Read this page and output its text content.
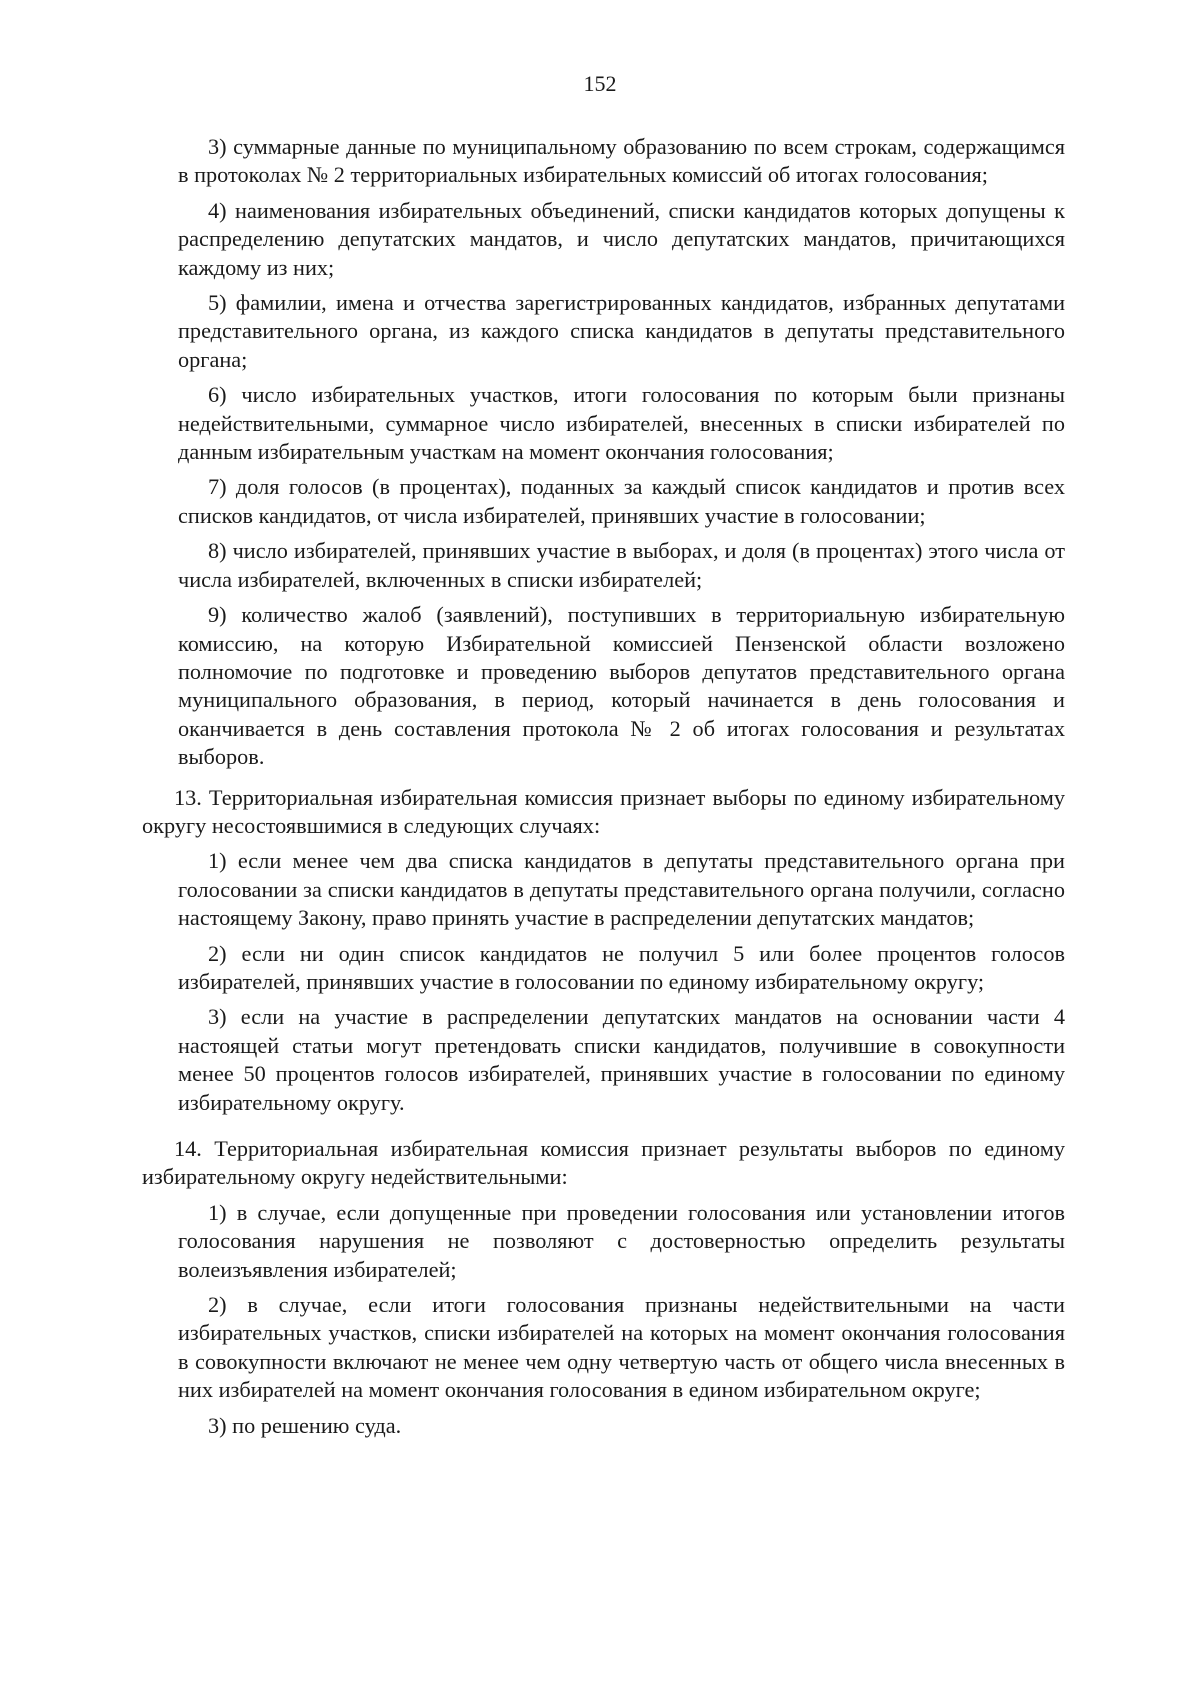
152

3) суммарные данные по муниципальному образованию по всем строкам, содержащимся в протоколах № 2 территориальных избирательных комиссий об итогах голосования;

4) наименования избирательных объединений, списки кандидатов которых допущены к распределению депутатских мандатов, и число депутатских мандатов, причитающихся каждому из них;

5) фамилии, имена и отчества зарегистрированных кандидатов, избранных депутатами представительного органа, из каждого списка кандидатов в депутаты представительного органа;

6) число избирательных участков, итоги голосования по которым были признаны недействительными, суммарное число избирателей, внесенных в списки избирателей по данным избирательным участкам на момент окончания голосования;

7) доля голосов (в процентах), поданных за каждый список кандидатов и против всех списков кандидатов, от числа избирателей, принявших участие в голосовании;

8) число избирателей, принявших участие в выборах, и доля (в процентах) этого числа от числа избирателей, включенных в списки избирателей;

9) количество жалоб (заявлений), поступивших в территориальную избирательную комиссию, на которую Избирательной комиссией Пензенской области возложено полномочие по подготовке и проведению выборов депутатов представительного органа муниципального образования, в период, который начинается в день голосования и оканчивается в день составления протокола № 2 об итогах голосования и результатах выборов.

13. Территориальная избирательная комиссия признает выборы по единому избирательному округу несостоявшимися в следующих случаях:

1) если менее чем два списка кандидатов в депутаты представительного органа при голосовании за списки кандидатов в депутаты представительного органа получили, согласно настоящему Закону, право принять участие в распределении депутатских мандатов;

2) если ни один список кандидатов не получил 5 или более процентов голосов избирателей, принявших участие в голосовании по единому избирательному округу;

3) если на участие в распределении депутатских мандатов на основании части 4 настоящей статьи могут претендовать списки кандидатов, получившие в совокупности менее 50 процентов голосов избирателей, принявших участие в голосовании по единому избирательному округу.

14. Территориальная избирательная комиссия признает результаты выборов по единому избирательному округу недействительными:

1) в случае, если допущенные при проведении голосования или установлении итогов голосования нарушения не позволяют с достоверностью определить результаты волеизъявления избирателей;

2) в случае, если итоги голосования признаны недействительными на части избирательных участков, списки избирателей на которых на момент окончания голосования в совокупности включают не менее чем одну четвертую часть от общего числа внесенных в них избирателей на момент окончания голосования в едином избирательном округе;

3) по решению суда.
